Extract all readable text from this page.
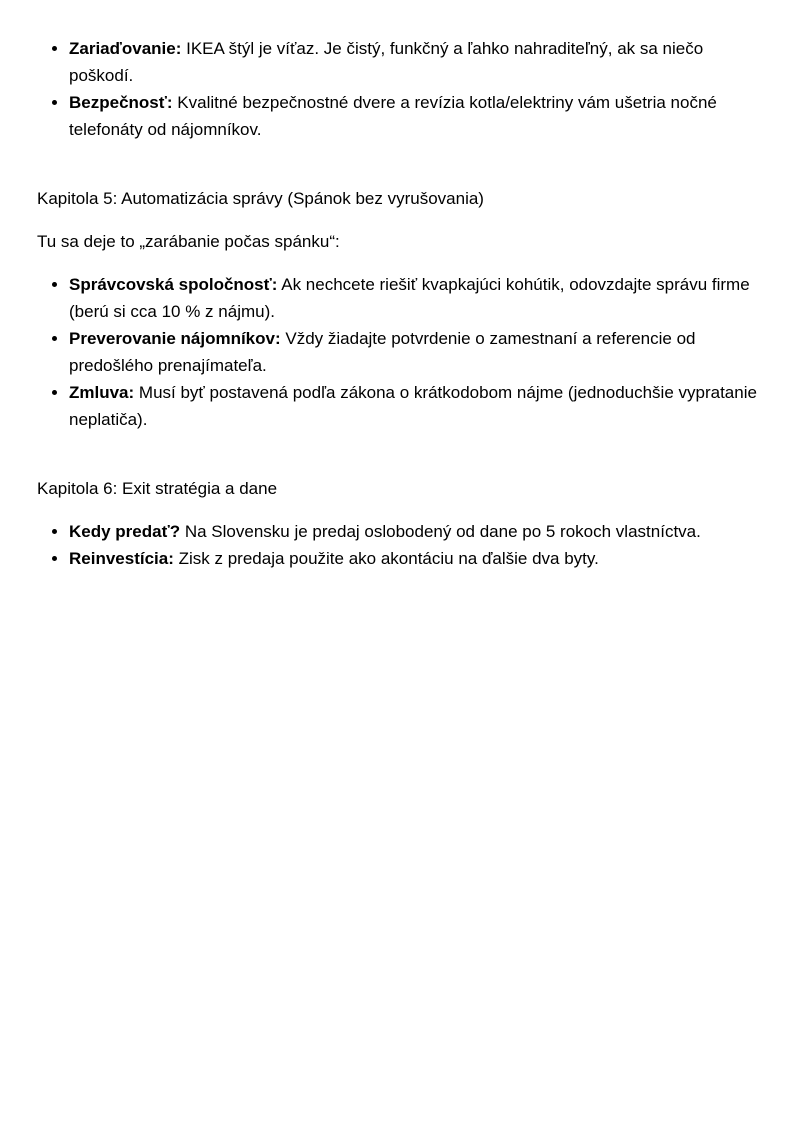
• Zariaďovanie: IKEA štýl je víťaz. Je čistý, funkčný a ľahko nahraditeľný, ak sa niečo poškodí.
• Bezpečnosť: Kvalitné bezpečnostné dvere a revízia kotla/elektriny vám ušetria nočné telefonáty od nájomníkov.

Kapitola 5: Automatizácia správy (Spánok bez vyrušovania)

Tu sa deje to „zarábanie počas spánku“:

• Správcovská spoločnosť: Ak nechcete riešiť kvapkajúci kohútik, odovzdajte správu firme (berú si cca 10 % z nájmu).
• Preverovanie nájomníkov: Vždy žiadajte potvrdenie o zamestnaní a referencie od predošlého prenajímateľa.
• Zmluva: Musí byť postavená podľa zákona o krátkodobom nájme (jednoduchšie vypratanie neplatiča).

Kapitola 6: Exit stratégia a dane

• Kedy predať? Na Slovensku je predaj oslobodený od dane po 5 rokoch vlastníctva.
• Reinvestícia: Zisk z predaja použite ako akontáciu na ďalšie dva byty.
